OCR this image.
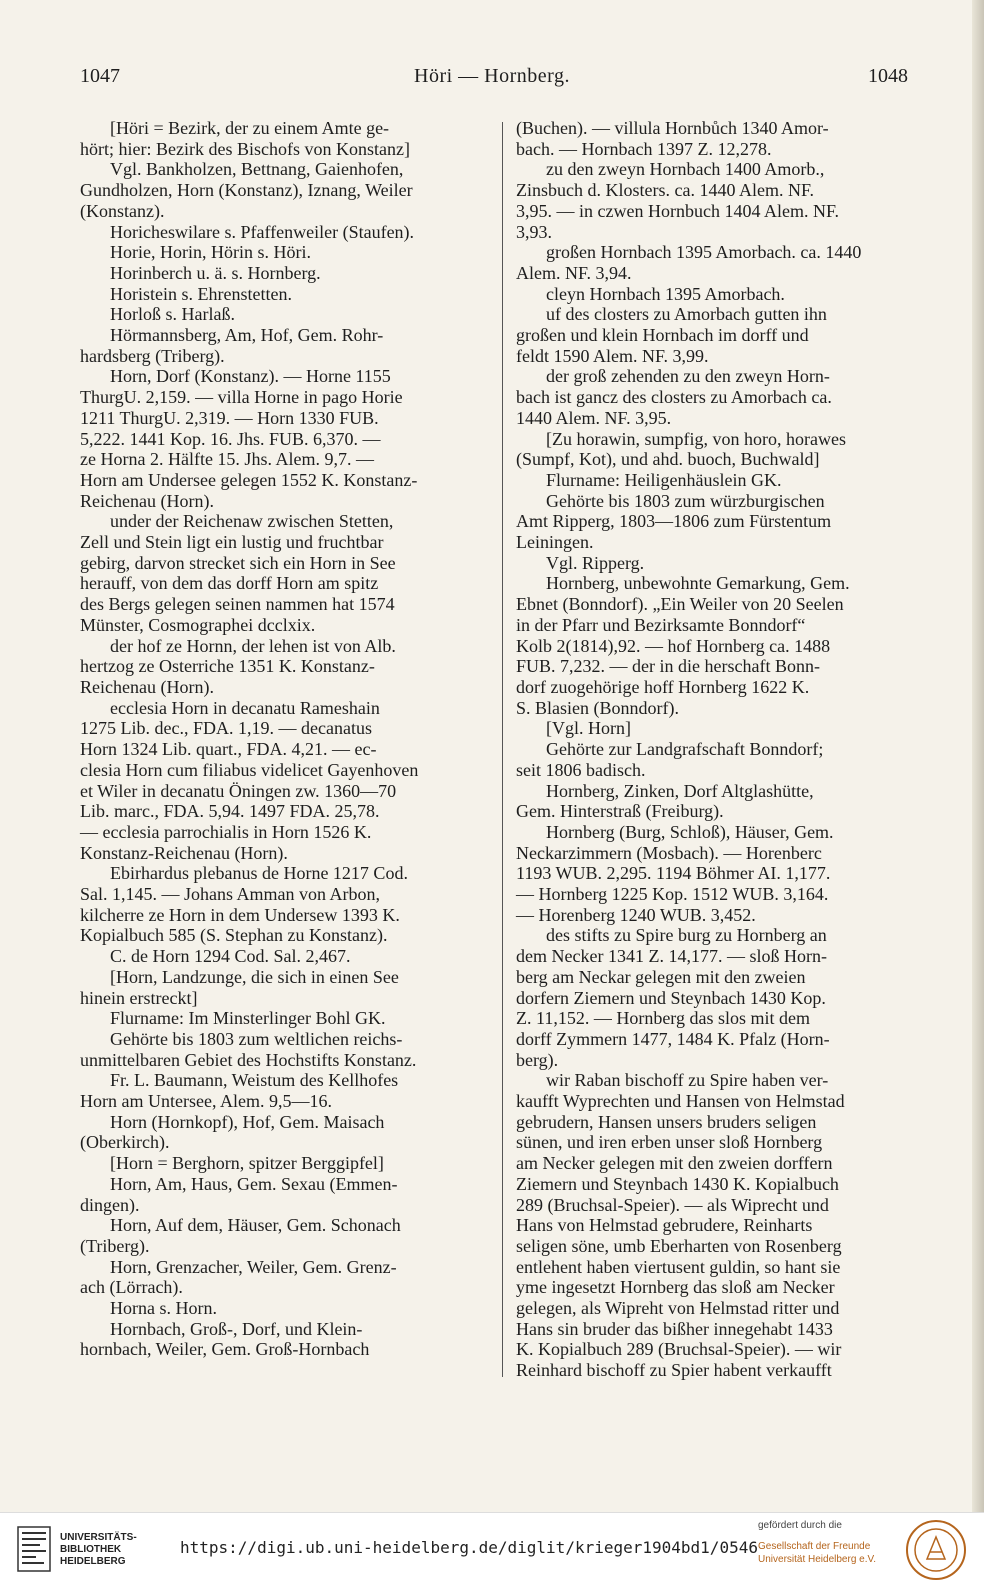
1047	Höri — Hornberg.	1048
[Höri = Bezirk, der zu einem Amte ge-
hört; hier: Bezirk des Bischofs von Konstanz]
Vgl. Bankholzen, Bettnang, Gaienhofen,
Gundholzen, Horn (Konstanz), Iznang, Weiler
(Konstanz).
Horicheswilare s. Pfaffenweiler (Staufen).
Horie, Horin, Hörin s. Höri.
Horinberch u. ä. s. Hornberg.
Horistein s. Ehrenstetten.
Horloß s. Harlaß.
Hörmannsberg, Am, Hof, Gem. Rohr-
hardsberg (Triberg).
Horn, Dorf (Konstanz). — Horne 1155
ThurgU. 2,159. — villa Horne in pago Horie
1211 ThurgU. 2,319. — Horn 1330 FUB.
5,222. 1441 Kop. 16. Jhs. FUB. 6,370. —
ze Horna 2. Hälfte 15. Jhs. Alem. 9,7. —
Horn am Undersee gelegen 1552 K. Konstanz-
Reichenau (Horn).
under der Reichenaw zwischen Stetten,
Zell und Stein ligt ein lustig und fruchtbar
gebirg, darvon strecket sich ein Horn in See
herauff, von dem das dorff Horn am spitz
des Bergs gelegen seinen nammen hat 1574
Münster, Cosmographei dcclxix.
der hof ze Hornn, der lehen ist von Alb.
hertzog ze Osterriche 1351 K. Konstanz-
Reichenau (Horn).
ecclesia Horn in decanatu Rameshain
1275 Lib. dec., FDA. 1,19. — decanatus
Horn 1324 Lib. quart., FDA. 4,21. — ec-
clesia Horn cum filiabus videlicet Gayenhoven
et Wiler in decanatu Öningen zw. 1360—70
Lib. marc., FDA. 5,94. 1497 FDA. 25,78.
— ecclesia parrochialis in Horn 1526 K.
Konstanz-Reichenau (Horn).
Ebirhardus plebanus de Horne 1217 Cod.
Sal. 1,145. — Johans Amman von Arbon,
kilcherre ze Horn in dem Undersew 1393 K.
Kopialbuch 585 (S. Stephan zu Konstanz).
C. de Horn 1294 Cod. Sal. 2,467.
[Horn, Landzunge, die sich in einen See
hinein erstreckt]
Flurname: Im Minsterlinger Bohl GK.
Gehörte bis 1803 zum weltlichen reichs-
unmittelbaren Gebiet des Hochstifts Konstanz.
Fr. L. Baumann, Weistum des Kellhofes
Horn am Untersee, Alem. 9,5—16.
Horn (Hornkopf), Hof, Gem. Maisach
(Oberkirch).
[Horn = Berghorn, spitzer Berggipfel]
Horn, Am, Haus, Gem. Sexau (Emmen-
dingen).
Horn, Auf dem, Häuser, Gem. Schonach
(Triberg).
Horn, Grenzacher, Weiler, Gem. Grenz-
ach (Lörrach).
Horna s. Horn.
Hornbach, Groß-, Dorf, und Klein-
hornbach, Weiler, Gem. Groß-Hornbach
(Buchen). — villula Hornbůch 1340 Amor-
bach. — Hornbach 1397 Z. 12,278.
zu den zweyn Hornbach 1400 Amorb.,
Zinsbuch d. Klosters. ca. 1440 Alem. NF.
3,95. — in czwen Hornbuch 1404 Alem. NF.
3,93.
großen Hornbach 1395 Amorbach. ca. 1440
Alem. NF. 3,94.
cleyn Hornbach 1395 Amorbach.
uf des closters zu Amorbach gutten ihn
großen und klein Hornbach im dorff und
feldt 1590 Alem. NF. 3,99.
der groß zehenden zu den zweyn Horn-
bach ist gancz des closters zu Amorbach ca.
1440 Alem. NF. 3,95.
[Zu horawin, sumpfig, von horo, horawes
(Sumpf, Kot), und ahd. buoch, Buchwald]
Flurname: Heiligenhäuslein GK.
Gehörte bis 1803 zum würzburgischen
Amt Ripperg, 1803—1806 zum Fürstentum
Leiningen.
Vgl. Ripperg.
Hornberg, unbewohnte Gemarkung, Gem.
Ebnet (Bonndorf). „Ein Weiler von 20 Seelen
in der Pfarr und Bezirksamte Bonndorf“
Kolb 2(1814),92. — hof Hornberg ca. 1488
FUB. 7,232. — der in die herschaft Bonn-
dorf zuogehörige hoff Hornberg 1622 K.
S. Blasien (Bonndorf).
[Vgl. Horn]
Gehörte zur Landgrafschaft Bonndorf;
seit 1806 badisch.
Hornberg, Zinken, Dorf Altglashütte,
Gem. Hinterstraß (Freiburg).
Hornberg (Burg, Schloß), Häuser, Gem.
Neckarzimmern (Mosbach). — Horenberc
1193 WUB. 2,295. 1194 Böhmer AI. 1,177.
— Hornberg 1225 Kop. 1512 WUB. 3,164.
— Horenberg 1240 WUB. 3,452.
des stifts zu Spire burg zu Hornberg an
dem Necker 1341 Z. 14,177. — sloß Horn-
berg am Neckar gelegen mit den zweien
dorfern Ziemern und Steynbach 1430 Kop.
Z. 11,152. — Hornberg das slos mit dem
dorff Zymmern 1477, 1484 K. Pfalz (Horn-
berg).
wir Raban bischoff zu Spire haben ver-
kaufft Wyprechten und Hansen von Helmstad
gebrudern, Hansen unsers bruders seligen
sünen, und iren erben unser sloß Hornberg
am Necker gelegen mit den zweien dorffern
Ziemern und Steynbach 1430 K. Kopialbuch
289 (Bruchsal-Speier). — als Wiprecht und
Hans von Helmstad gebrudere, Reinharts
seligen söne, umb Eberharten von Rosenberg
entlehent haben viertusent guldin, so hant sie
yme ingesetzt Hornberg das sloß am Necker
gelegen, als Wipreht von Helmstad ritter und
Hans sin bruder das bißher innegehabt 1433
K. Kopialbuch 289 (Bruchsal-Speier). — wir
Reinhard bischoff zu Spier habent verkaufft
UNIVERSITÄTS-
BIBLIOTHEK
HEIDELBERG
https://digi.ub.uni-heidelberg.de/diglit/krieger1904bd1/0546
gefördert durch die
Gesellschaft der Freunde
Universität Heidelberg e.V.
